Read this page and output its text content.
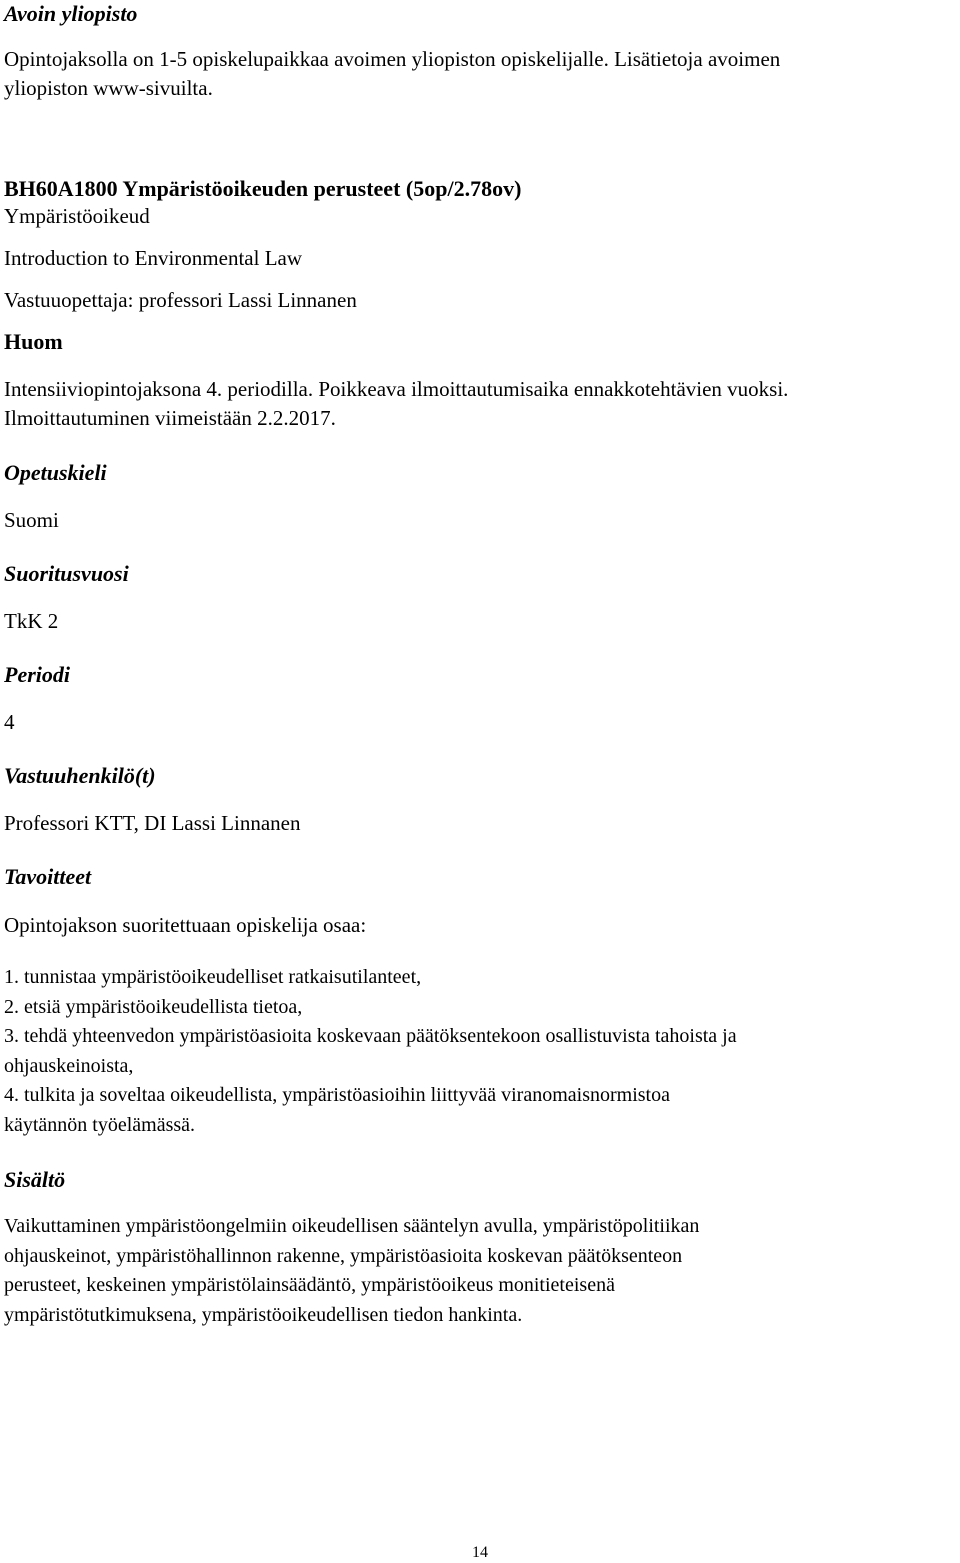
Avoin yliopisto
Opintojaksolla on 1-5 opiskelupaikkaa avoimen yliopiston opiskelijalle. Lisätietoja avoimen
yliopiston www-sivuilta.
BH60A1800 Ympäristöoikeuden perusteet (5op/2.78ov)
Ympäristöoikeud
Introduction to Environmental Law
Vastuuopettaja: professori Lassi Linnanen
Huom
Intensiiviopintojaksona 4. periodilla. Poikkeava ilmoittautumisaika ennakkotehtävien vuoksi.
Ilmoittautuminen viimeistään 2.2.2017.
Opetuskieli
Suomi
Suoritusvuosi
TkK 2
Periodi
4
Vastuuhenkilö(t)
Professori KTT, DI Lassi Linnanen
Tavoitteet
Opintojakson suoritettuaan opiskelija osaa:
1. tunnistaa ympäristöoikeudelliset ratkaisutilanteet,
2. etsiä ympäristöoikeudellista tietoa,
3. tehdä yhteenvedon ympäristöasioita koskevaan päätöksentekoon osallistuvista tahoista ja
ohjauskeinoista,
4. tulkita ja soveltaa oikeudellista, ympäristöasioihin liittyvää viranomaisnormistoa
käytännön työelämässä.
Sisältö
Vaikuttaminen ympäristöongelmiin oikeudellisen sääntelyn avulla, ympäristöpolitiikan
ohjauskeinot, ympäristöhallinnon rakenne, ympäristöasioita koskevan päätöksenteon
perusteet, keskeinen ympäristölainsäädäntö, ympäristöoikeus monitieteisenä
ympäristötutkimuksena, ympäristöoikeudellisen tiedon hankinta.
14
